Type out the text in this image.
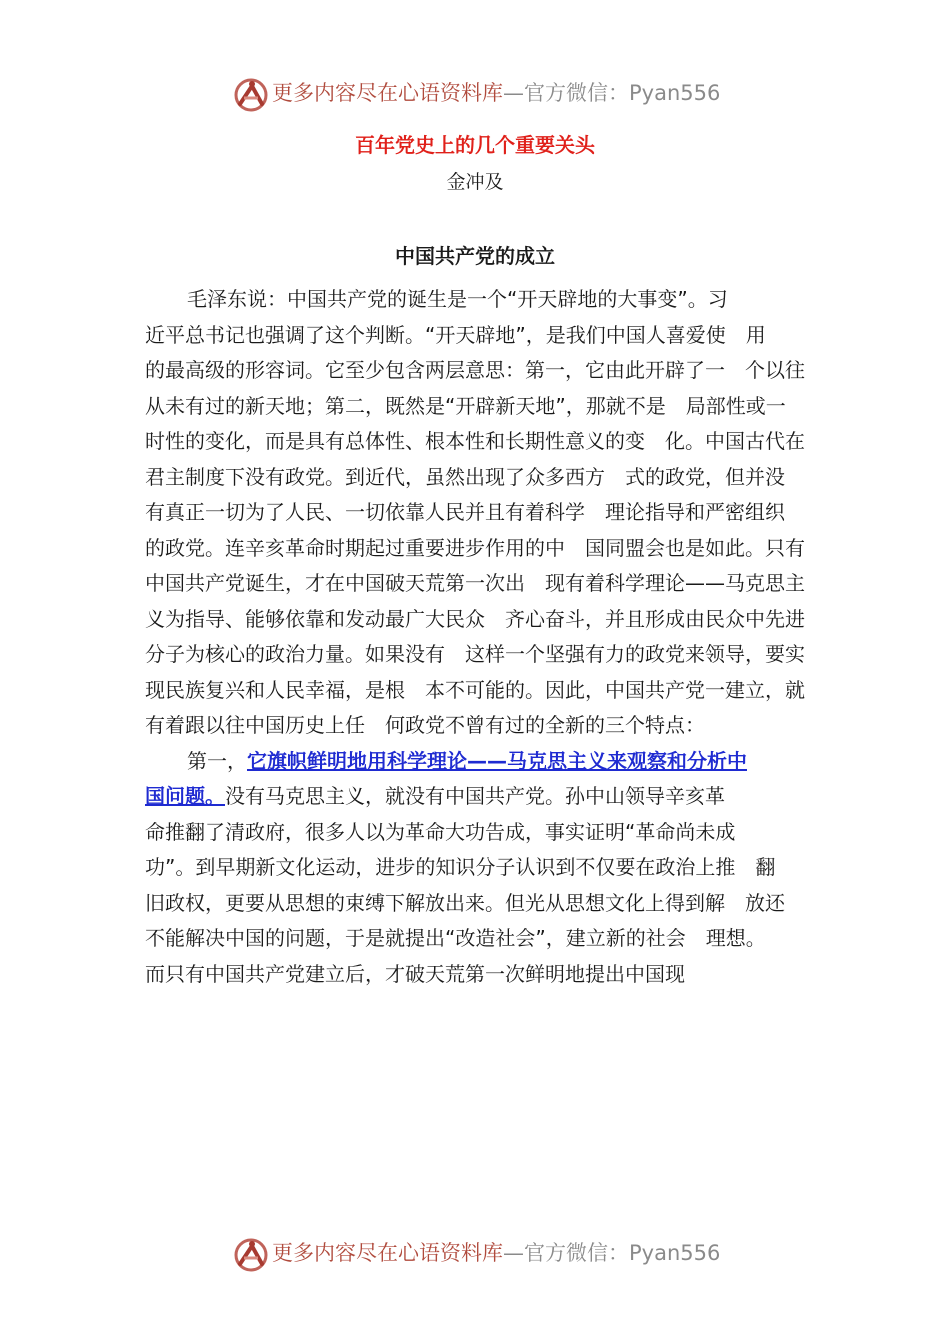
更多内容尽在心语资料库—官方微信：Pyan556
百年党史上的几个重要关头
金冲及
中国共产党的成立
毛泽东说：中国共产党的诞生是一个“开天辟地的大事变”。习
近平总书记也强调了这个判断。“开天辟地”，是我们中国人喜爱使　用
的最高级的形容词。它至少包含两层意思：第一，它由此开辟了一　个以往
从未有过的新天地；第二，既然是“开辟新天地”，那就不是　局部性或一
时性的变化，而是具有总体性、根本性和长期性意义的变　化。中国古代在
君主制度下没有政党。到近代，虽然出现了众多西方　式的政党，但并没
有真正一切为了人民、一切依靠人民并且有着科学　理论指导和严密组织
的政党。连辛亥革命时期起过重要进步作用的中　国同盟会也是如此。只有
中国共产党诞生，才在中国破天荒第一次出　现有着科学理论——马克思主
义为指导、能够依靠和发动最广大民众　齐心奋斗，并且形成由民众中先进
分子为核心的政治力量。如果没有　这样一个坚强有力的政党来领导，要实
现民族复兴和人民幸福，是根　本不可能的。因此，中国共产党一建立，就
有着跟以往中国历史上任　何政党不曾有过的全新的三个特点：
第一，它旗帜鲜明地用科学理论——马克思主义来观察和分析中
国问题。没有马克思主义，就没有中国共产党。孙中山领导辛亥革
命推翻了清政府，很多人以为革命大功告成，事实证明“革命尚未成
功”。到早期新文化运动，进步的知识分子认识到不仅要在政治上推　翻
旧政权，更要从思想的束缚下解放出来。但光从思想文化上得到解　放还
不能解决中国的问题，于是就提出“改造社会”，建立新的社会　理想。
而只有中国共产党建立后，才破天荒第一次鲜明地提出中国现
更多内容尽在心语资料库—官方微信：Pyan556
